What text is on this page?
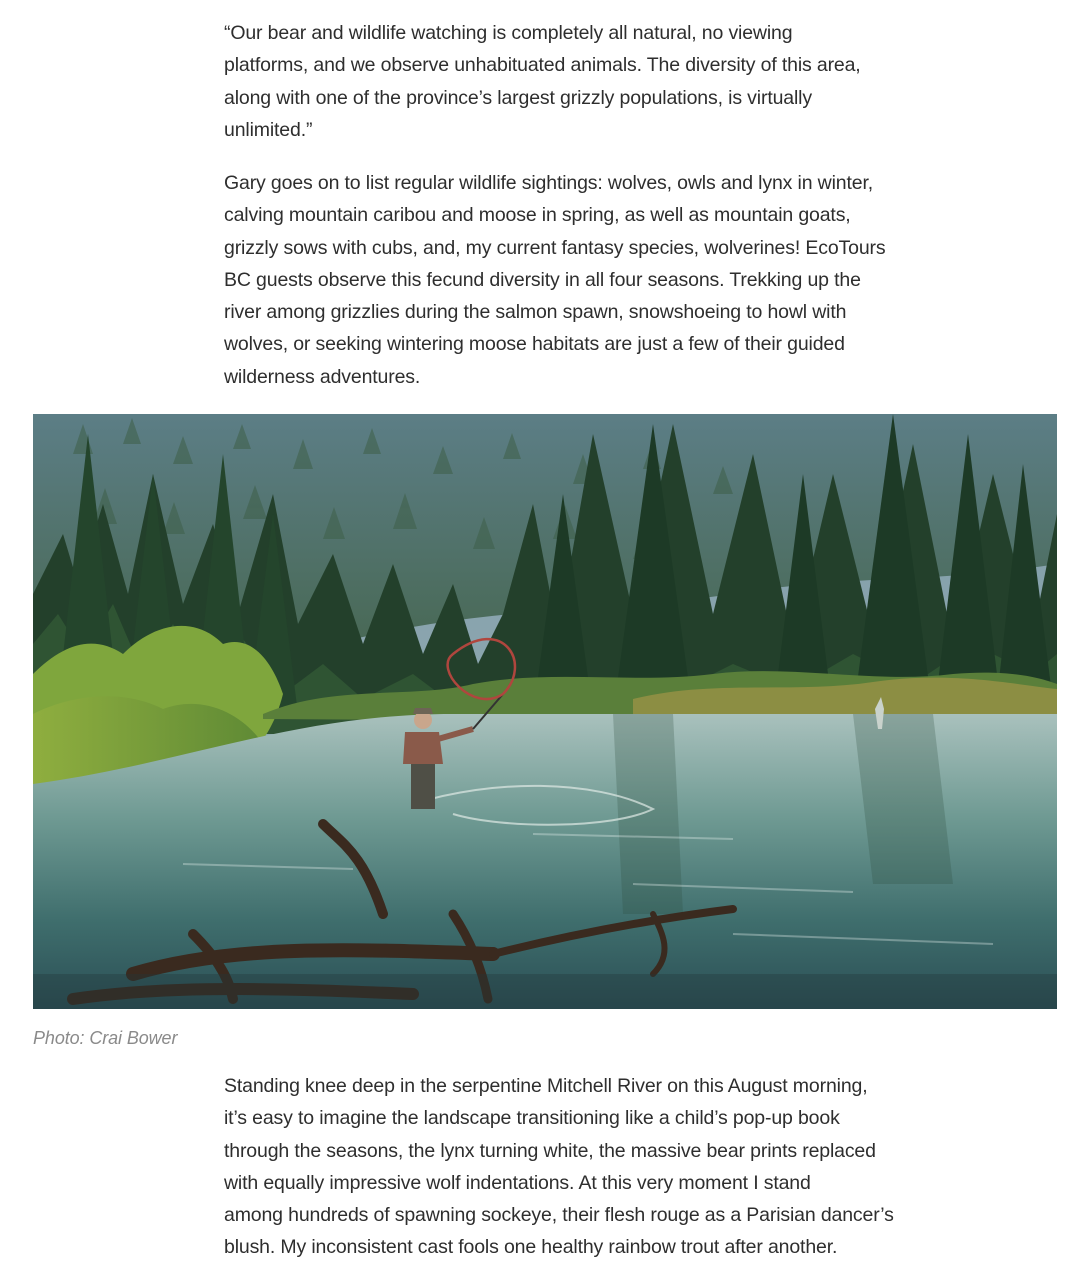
“Our bear and wildlife watching is completely all natural, no viewing
platforms, and we observe unhabituated animals. The diversity of this area,
along with one of the province’s largest grizzly populations, is virtually
unlimited.”
Gary goes on to list regular wildlife sightings: wolves, owls and lynx in winter,
calving mountain caribou and moose in spring, as well as mountain goats,
grizzly sows with cubs, and, my current fantasy species, wolverines! EcoTours
BC guests observe this fecund diversity in all four seasons. Trekking up the
river among grizzlies during the salmon spawn, snowshoeing to howl with
wolves, or seeking wintering moose habitats are just a few of their guided
wilderness adventures.
Photo: Crai Bower
Standing knee deep in the serpentine Mitchell River on this August morning,
it’s easy to imagine the landscape transitioning like a child’s pop-up book
through the seasons, the lynx turning white, the massive bear prints replaced
with equally impressive wolf indentations. At this very moment I stand
among hundreds of spawning sockeye, their flesh rouge as a Parisian dancer’s
blush. My inconsistent cast fools one healthy rainbow trout after another.
